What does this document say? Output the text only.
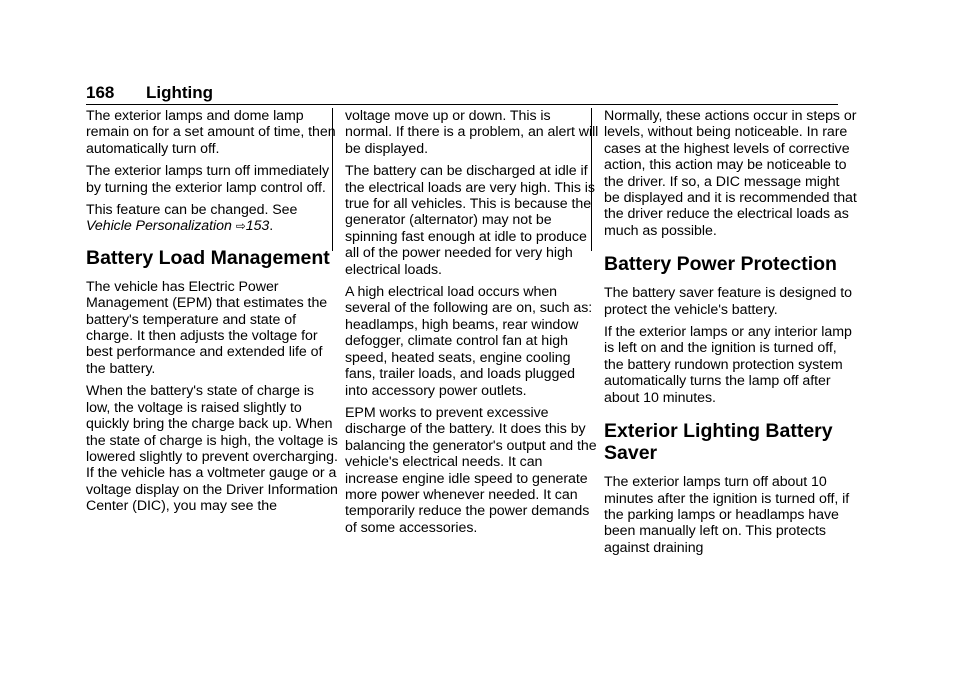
168 Lighting

The exterior lamps and dome lamp remain on for a set amount of time, then automatically turn off.

The exterior lamps turn off immediately by turning the exterior lamp control off.

This feature can be changed. See
Vehicle Personalization ⇨153.

Battery Load Management

The vehicle has Electric Power Management (EPM) that estimates the battery's temperature and state of charge. It then adjusts the voltage for best performance and extended life of the battery.

When the battery's state of charge is low, the voltage is raised slightly to quickly bring the charge back up. When the state of charge is high, the voltage is lowered slightly to prevent overcharging. If the vehicle has a voltmeter gauge or a voltage display on the Driver Information Center (DIC), you may see the

voltage move up or down. This is normal. If there is a problem, an alert will be displayed.

The battery can be discharged at idle if the electrical loads are very high. This is true for all vehicles. This is because the generator (alternator) may not be spinning fast enough at idle to produce all of the power needed for very high electrical loads.

A high electrical load occurs when several of the following are on, such as: headlamps, high beams, rear window defogger, climate control fan at high speed, heated seats, engine cooling fans, trailer loads, and loads plugged into accessory power outlets.

EPM works to prevent excessive discharge of the battery. It does this by balancing the generator's output and the vehicle's electrical needs. It can increase engine idle speed to generate more power whenever needed. It can temporarily reduce the power demands of some accessories.

Normally, these actions occur in steps or levels, without being noticeable. In rare cases at the highest levels of corrective action, this action may be noticeable to the driver. If so, a DIC message might be displayed and it is recommended that the driver reduce the electrical loads as much as possible.

Battery Power Protection

The battery saver feature is designed to protect the vehicle's battery.

If the exterior lamps or any interior lamp is left on and the ignition is turned off, the battery rundown protection system automatically turns the lamp off after about 10 minutes.

Exterior Lighting Battery Saver

The exterior lamps turn off about 10 minutes after the ignition is turned off, if the parking lamps or headlamps have been manually left on. This protects against draining
